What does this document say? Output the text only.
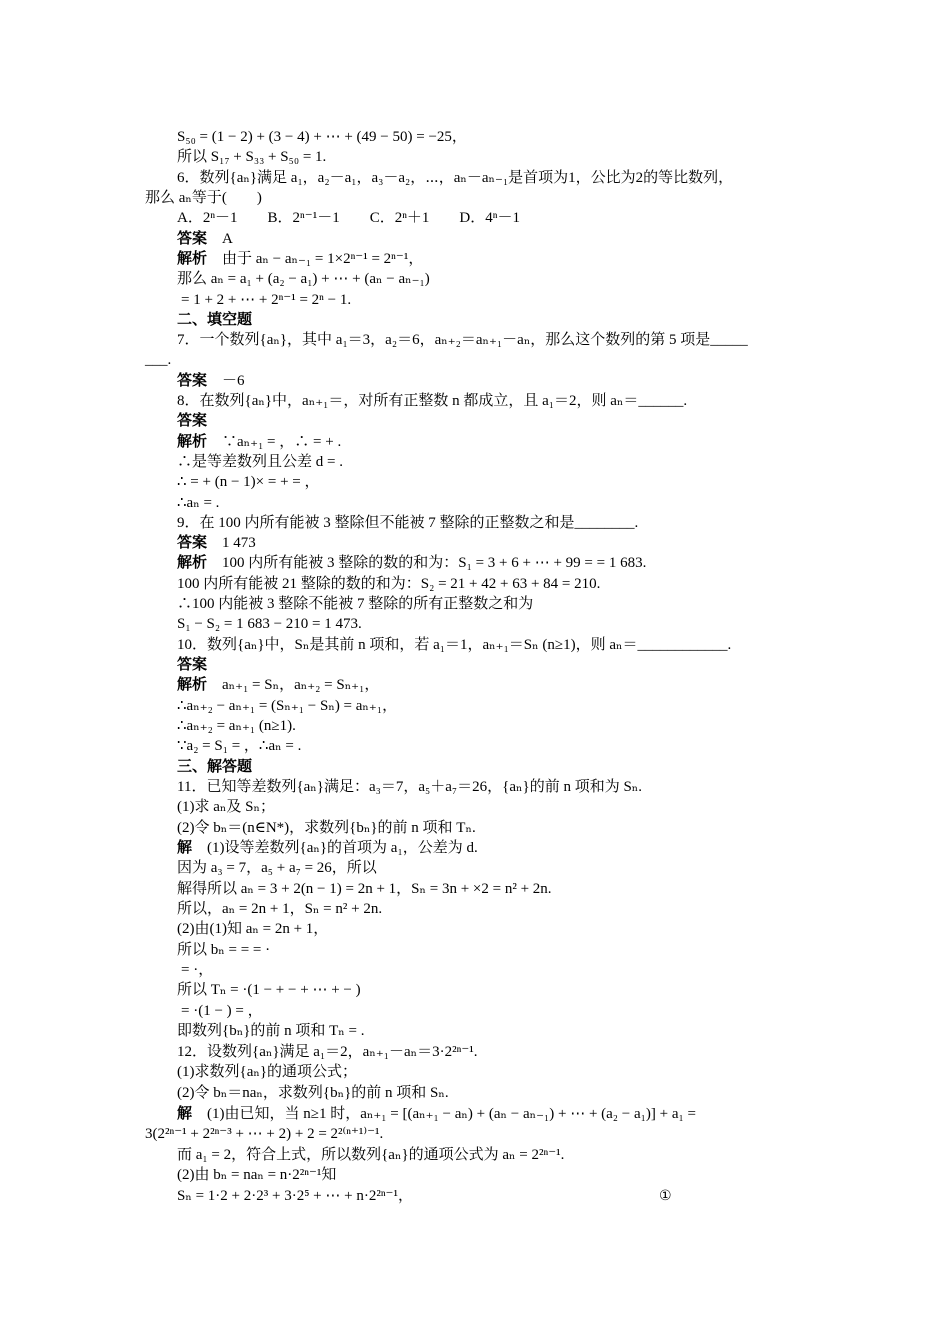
S₅₀ = (1 − 2) + (3 − 4) + ⋯ + (49 − 50) = −25，
所以 S₁₇ + S₃₃ + S₅₀ = 1.
6．数列{aₙ}满足 a₁，a₂－a₁，a₃－a₂，⋯，aₙ－aₙ₋₁是首项为1，公比为2的等比数列，
那么 aₙ等于(　　)
A．2ⁿ－1　　B．2ⁿ⁻¹－1　　C．2ⁿ＋1　　D．4ⁿ－1
答案　A
解析　由于 aₙ − aₙ₋₁ = 1×2ⁿ⁻¹ = 2ⁿ⁻¹，
那么 aₙ = a₁ + (a₂ − a₁) + ⋯ + (aₙ − aₙ₋₁)
= 1 + 2 + ⋯ + 2ⁿ⁻¹ = 2ⁿ − 1.
二、填空题
7．一个数列{aₙ}，其中 a₁＝3，a₂＝6，aₙ₊₂＝aₙ₊₁－aₙ，那么这个数列的第 5 项是_____
___.
答案　－6
8．在数列{aₙ}中，aₙ₊₁＝，对所有正整数 n 都成立，且 a₁＝2，则 aₙ＝______.
答案
解析　∵aₙ₊₁ = ，∴ = + .
∴是等差数列且公差 d = .
∴ = + (n − 1)× = + = ，
∴aₙ = .
9．在 100 内所有能被 3 整除但不能被 7 整除的正整数之和是________.
答案　1 473
解析　100 内所有能被 3 整除的数的和为：S₁ = 3 + 6 + ⋯ + 99 = = 1 683.
100 内所有能被 21 整除的数的和为：S₂ = 21 + 42 + 63 + 84 = 210.
∴100 内能被 3 整除不能被 7 整除的所有正整数之和为
S₁ − S₂ = 1 683 − 210 = 1 473.
10．数列{aₙ}中，Sₙ是其前 n 项和，若 a₁＝1，aₙ₊₁＝Sₙ (n≥1)，则 aₙ＝____________.
答案
解析　aₙ₊₁ = Sₙ，aₙ₊₂ = Sₙ₊₁，
∴aₙ₊₂ − aₙ₊₁ = (Sₙ₊₁ − Sₙ) = aₙ₊₁，
∴aₙ₊₂ = aₙ₊₁ (n≥1).
∵a₂ = S₁ = ，∴aₙ = .
三、解答题
11．已知等差数列{aₙ}满足：a₃＝7，a₅＋a₇＝26，{aₙ}的前 n 项和为 Sₙ.
(1)求 aₙ及 Sₙ；
(2)令 bₙ＝(n∈N*)，求数列{bₙ}的前 n 项和 Tₙ.
解　(1)设等差数列{aₙ}的首项为 a₁，公差为 d.
因为 a₃ = 7，a₅ + a₇ = 26，所以
解得所以 aₙ = 3 + 2(n − 1) = 2n + 1，Sₙ = 3n + ×2 = n² + 2n.
所以，aₙ = 2n + 1，Sₙ = n² + 2n.
(2)由(1)知 aₙ = 2n + 1，
所以 bₙ = = = ·
= ·，
所以 Tₙ = ·(1 − + − + ⋯ + − )
= ·(1 − ) = ，
即数列{bₙ}的前 n 项和 Tₙ = .
12．设数列{aₙ}满足 a₁＝2，aₙ₊₁－aₙ＝3·2²ⁿ⁻¹.
(1)求数列{aₙ}的通项公式；
(2)令 bₙ＝naₙ，求数列{bₙ}的前 n 项和 Sₙ.
解　(1)由已知，当 n≥1 时，aₙ₊₁ = [(aₙ₊₁ − aₙ) + (aₙ − aₙ₋₁) + ⋯ + (a₂ − a₁)] + a₁ =
3(2²ⁿ⁻¹ + 2²ⁿ⁻³ + ⋯ + 2) + 2 = 2²⁽ⁿ⁺¹⁾⁻¹.
而 a₁ = 2，符合上式，所以数列{aₙ}的通项公式为 aₙ = 2²ⁿ⁻¹.
(2)由 bₙ = naₙ = n·2²ⁿ⁻¹知
Sₙ = 1·2 + 2·2³ + 3·2⁵ + ⋯ + n·2²ⁿ⁻¹，	①
